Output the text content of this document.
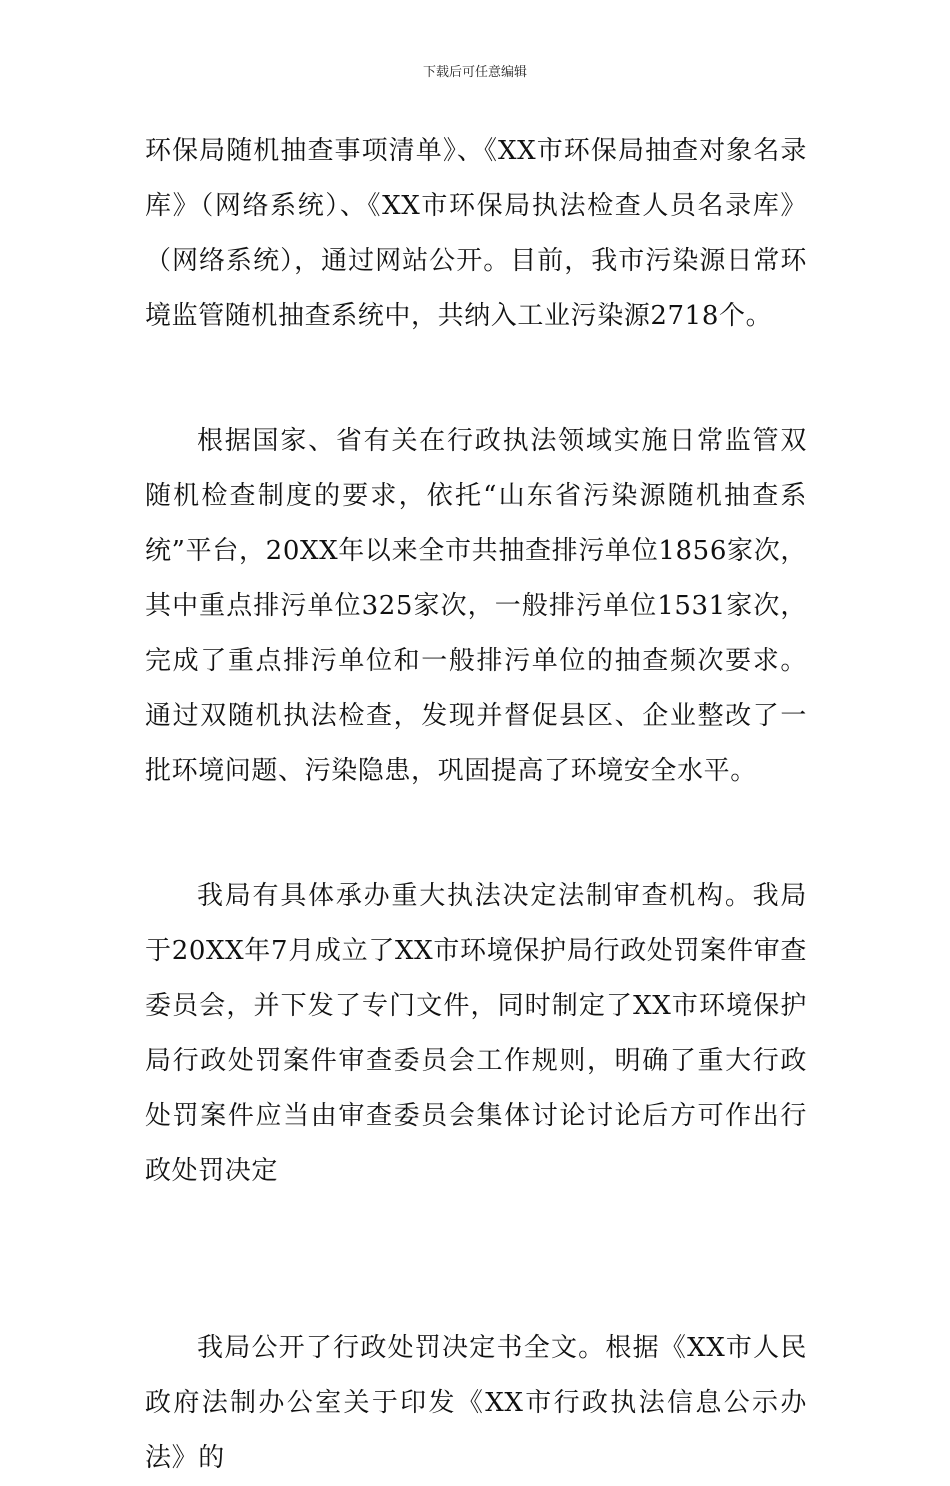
下载后可任意编辑

环保局随机抽查事项清单》、《XX市环保局抽查对象名录库》（网络系统）、《XX市环保局执法检查人员名录库》（网络系统），通过网站公开。目前，我市污染源日常环境监管随机抽查系统中，共纳入工业污染源2718个。

根据国家、省有关在行政执法领域实施日常监管双随机检查制度的要求，依托“山东省污染源随机抽查系统”平台，20XX年以来全市共抽查排污单位1856家次，其中重点排污单位325家次，一般排污单位1531家次，完成了重点排污单位和一般排污单位的抽查频次要求。通过双随机执法检查，发现并督促县区、企业整改了一批环境问题、污染隐患，巩固提高了环境安全水平。

我局有具体承办重大执法决定法制审查机构。我局于20XX年7月成立了XX市环境保护局行政处罚案件审查委员会，并下发了专门文件，同时制定了XX市环境保护局行政处罚案件审查委员会工作规则，明确了重大行政处罚案件应当由审查委员会集体讨论讨论后方可作出行政处罚决定

我局公开了行政处罚决定书全文。根据《XX市人民政府法制办公室关于印发《XX市行政执法信息公示办法》的
